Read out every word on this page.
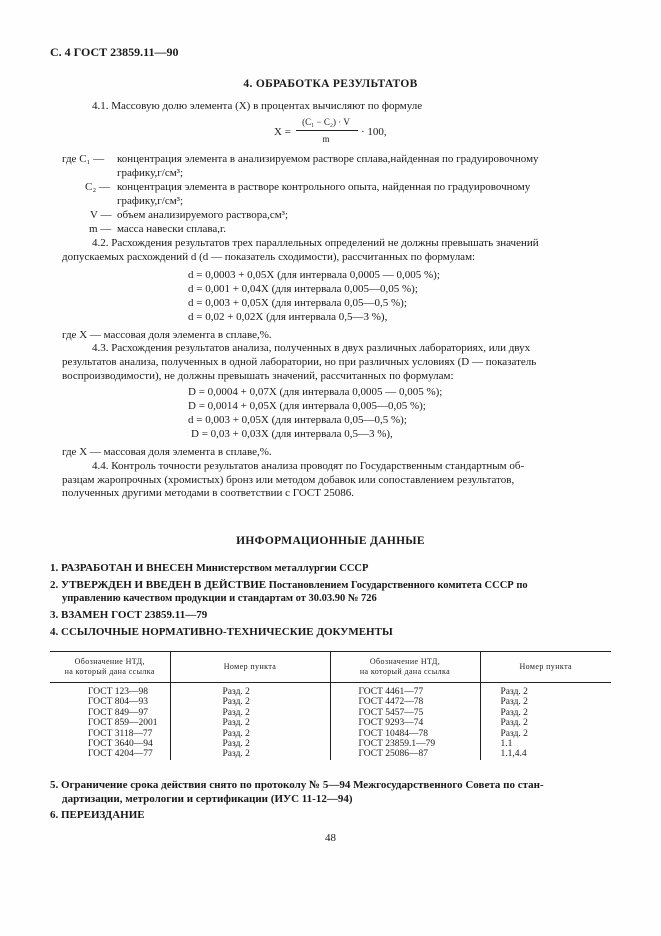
С. 4 ГОСТ 23859.11—90
4. ОБРАБОТКА РЕЗУЛЬТАТОВ
4.1. Массовую долю элемента (X) в процентах вычисляют по формуле
X =
(C₁ − C₂) · V
m
· 100,
где C₁ — концентрация элемента в анализируемом растворе сплава,найденная по градуировочному
графику,г/см³;
C₂ — концентрация элемента в растворе контрольного опыта, найденная по градуировочному
графику,г/см³;
V — объем анализируемого раствора,см³;
m — масса навески сплава,г.
4.2. Расхождения результатов трех параллельных определений не должны превышать значений
допускаемых расхождений d (d — показатель сходимости), рассчитанных по формулам:
d = 0,0003 + 0,05X (для интервала 0,0005 — 0,005 %);
d = 0,001 + 0,04X (для интервала 0,005—0,05 %);
d = 0,003 + 0,05X (для интервала 0,05—0,5 %);
d = 0,02 + 0,02X (для интервала 0,5—3 %),
где X — массовая доля элемента в сплаве,%.
4.3. Расхождения результатов анализа, полученных в двух различных лабораториях, или двух
результатов анализа, полученных в одной лаборатории, но при различных условиях (D — показатель
воспроизводимости), не должны превышать значений, рассчитанных по формулам:
D = 0,0004 + 0,07X (для интервала 0,0005 — 0,005 %);
D = 0,0014 + 0,05X (для интервала 0,005—0,05 %);
d = 0,003 + 0,05X (для интервала 0,05—0,5 %);
D = 0,03 + 0,03X (для интервала 0,5—3 %),
где X — массовая доля элемента в сплаве,%.
4.4. Контроль точности результатов анализа проводят по Государственным стандартным об-
разцам жаропрочных (хромистых) бронз или методом добавок или сопоставлением результатов,
полученных другими методами в соответствии с ГОСТ 25086.
ИНФОРМАЦИОННЫЕ ДАННЫЕ
1. РАЗРАБОТАН И ВНЕСЕН Министерством металлургии СССР
2. УТВЕРЖДЕН И ВВЕДЕН В ДЕЙСТВИЕ Постановлением Государственного комитета СССР по
управлению качеством продукции и стандартам от 30.03.90 № 726
3. ВЗАМЕН ГОСТ 23859.11—79
4. ССЫЛОЧНЫЕ НОРМАТИВНО-ТЕХНИЧЕСКИЕ ДОКУМЕНТЫ
Обозначение НТД,
на который дана ссылка	Номер пункта	Обозначение НТД,
на который дана ссылка	Номер пункта
ГОСТ 123—98	Разд. 2	ГОСТ 4461—77	Разд. 2
ГОСТ 804—93	Разд. 2	ГОСТ 4472—78	Разд. 2
ГОСТ 849—97	Разд. 2	ГОСТ 5457—75	Разд. 2
ГОСТ 859—2001	Разд. 2	ГОСТ 9293—74	Разд. 2
ГОСТ 3118—77	Разд. 2	ГОСТ 10484—78	Разд. 2
ГОСТ 3640—94	Разд. 2	ГОСТ 23859.1—79	1.1
ГОСТ 4204—77	Разд. 2	ГОСТ 25086—87	1.1,4.4
5. Ограничение срока действия снято по протоколу № 5—94 Межгосударственного Совета по стан-
дартизации, метрологии и сертификации (ИУС 11-12—94)
6. ПЕРЕИЗДАНИЕ
48
